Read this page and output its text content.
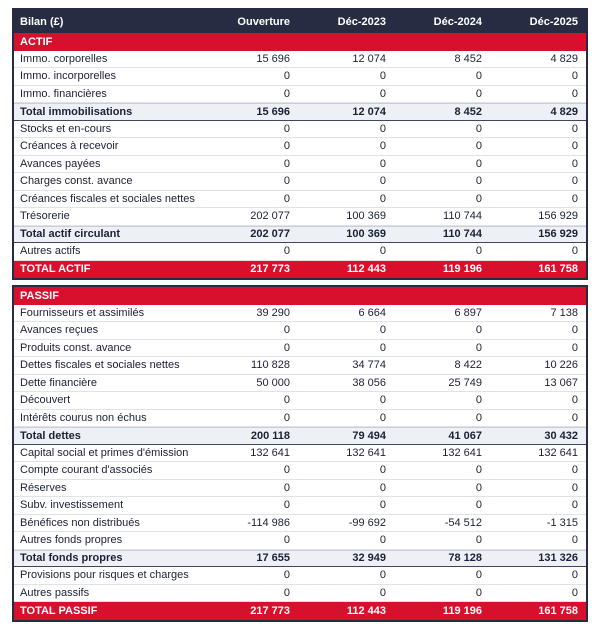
Bilan (£)	Ouverture	Déc-2023	Déc-2024	Déc-2025
ACTIF
Immo. corporelles	15 696	12 074	8 452	4 829
Immo. incorporelles	0	0	0	0
Immo. financières	0	0	0	0
Total immobilisations	15 696	12 074	8 452	4 829
Stocks et en-cours	0	0	0	0
Créances à recevoir	0	0	0	0
Avances payées	0	0	0	0
Charges const. avance	0	0	0	0
Créances fiscales et sociales nettes	0	0	0	0
Trésorerie	202 077	100 369	110 744	156 929
Total actif circulant	202 077	100 369	110 744	156 929
Autres actifs	0	0	0	0
TOTAL ACTIF	217 773	112 443	119 196	161 758
PASSIF
Fournisseurs et assimilés	39 290	6 664	6 897	7 138
Avances reçues	0	0	0	0
Produits const. avance	0	0	0	0
Dettes fiscales et sociales nettes	110 828	34 774	8 422	10 226
Dette financière	50 000	38 056	25 749	13 067
Découvert	0	0	0	0
Intérêts courus non échus	0	0	0	0
Total dettes	200 118	79 494	41 067	30 432
Capital social et primes d'émission	132 641	132 641	132 641	132 641
Compte courant d'associés	0	0	0	0
Réserves	0	0	0	0
Subv. investissement	0	0	0	0
Bénéfices non distribués	-114 986	-99 692	-54 512	-1 315
Autres fonds propres	0	0	0	0
Total fonds propres	17 655	32 949	78 128	131 326
Provisions pour risques et charges	0	0	0	0
Autres passifs	0	0	0	0
TOTAL PASSIF	217 773	112 443	119 196	161 758
